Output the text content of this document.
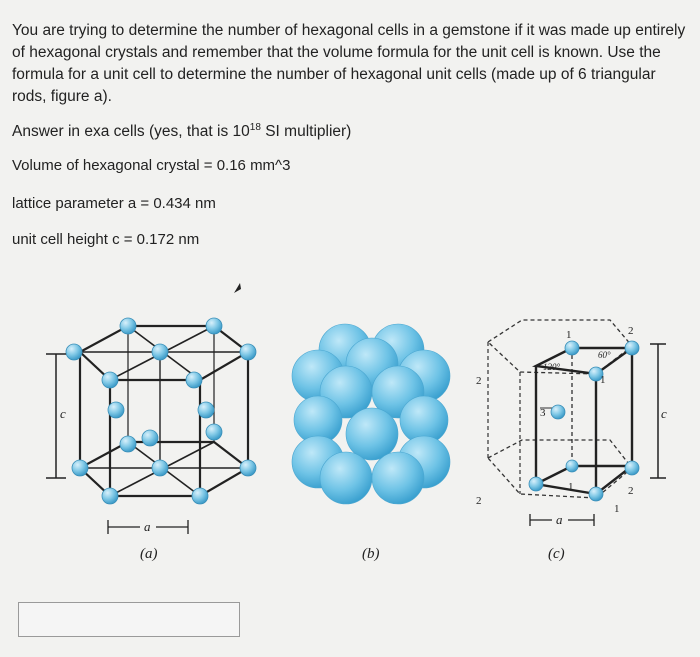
You are trying to determine the number of hexagonal cells in a gemstone if it was made up entirely
of hexagonal crystals and remember that the volume formula for the unit cell is known. Use the
formula for a unit cell to determine the number of hexagonal unit cells (made up of 6 triangular
rods, figure a).

Answer in exa cells (yes, that is $10^{18}$ SI multiplier)
Volume of hexagonal crystal = 0.16 mm^3
lattice parameter a = 0.434 nm
unit cell height c = 0.172 nm
c
a
c
a
1	2
2	1
3
1	2
2
1
120°
60°
(a)	(b)	(c)
